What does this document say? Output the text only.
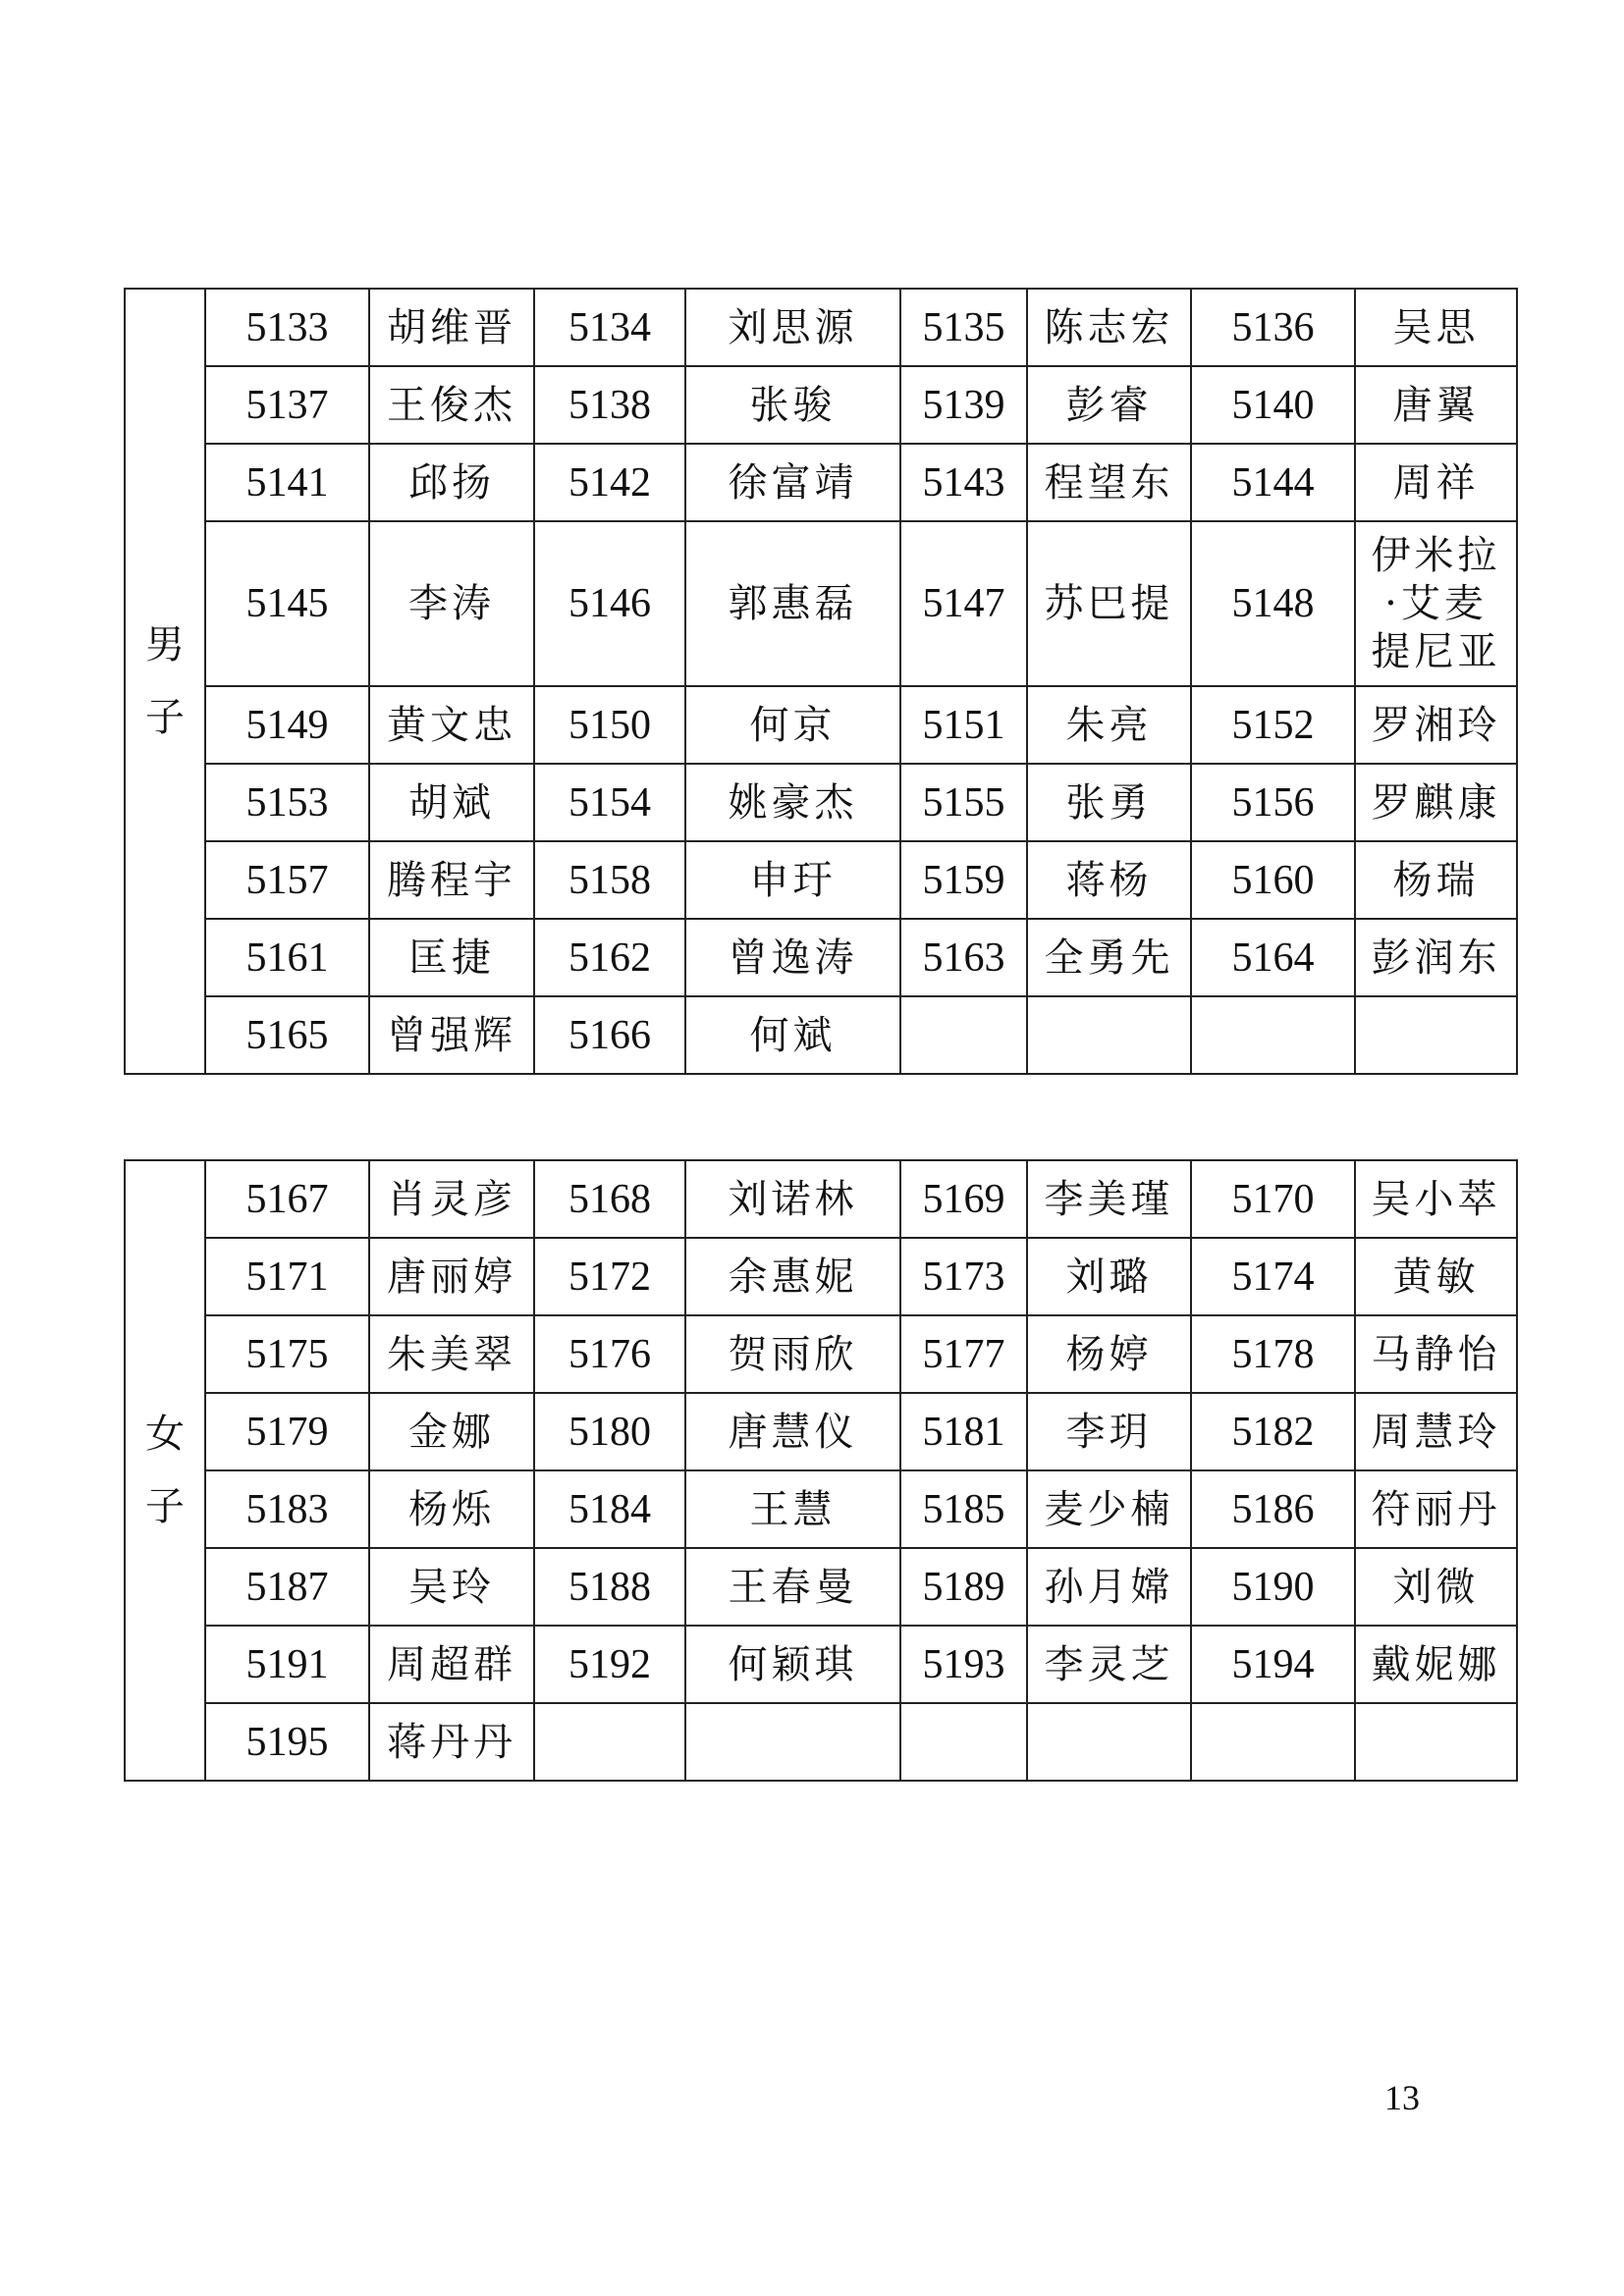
男子	5133	胡维晋	5134	刘思源	5135	陈志宏	5136	吴思
	5137	王俊杰	5138	张骏	5139	彭睿	5140	唐翼
	5141	邱扬	5142	徐富靖	5143	程望东	5144	周祥
	5145	李涛	5146	郭惠磊	5147	苏巴提	5148	伊米拉·艾麦提尼亚
	5149	黄文忠	5150	何京	5151	朱亮	5152	罗湘玲
	5153	胡斌	5154	姚豪杰	5155	张勇	5156	罗麒康
	5157	腾程宇	5158	申玗	5159	蒋杨	5160	杨瑞
	5161	匡捷	5162	曾逸涛	5163	全勇先	5164	彭润东
	5165	曾强辉	5166	何斌				
女子	5167	肖灵彦	5168	刘诺林	5169	李美瑾	5170	吴小萃
	5171	唐丽婷	5172	余惠妮	5173	刘璐	5174	黄敏
	5175	朱美翠	5176	贺雨欣	5177	杨婷	5178	马静怡
	5179	金娜	5180	唐慧仪	5181	李玥	5182	周慧玲
	5183	杨烁	5184	王慧	5185	麦少楠	5186	符丽丹
	5187	吴玲	5188	王春曼	5189	孙月嫦	5190	刘微
	5191	周超群	5192	何颖琪	5193	李灵芝	5194	戴妮娜
	5195	蒋丹丹						
13
